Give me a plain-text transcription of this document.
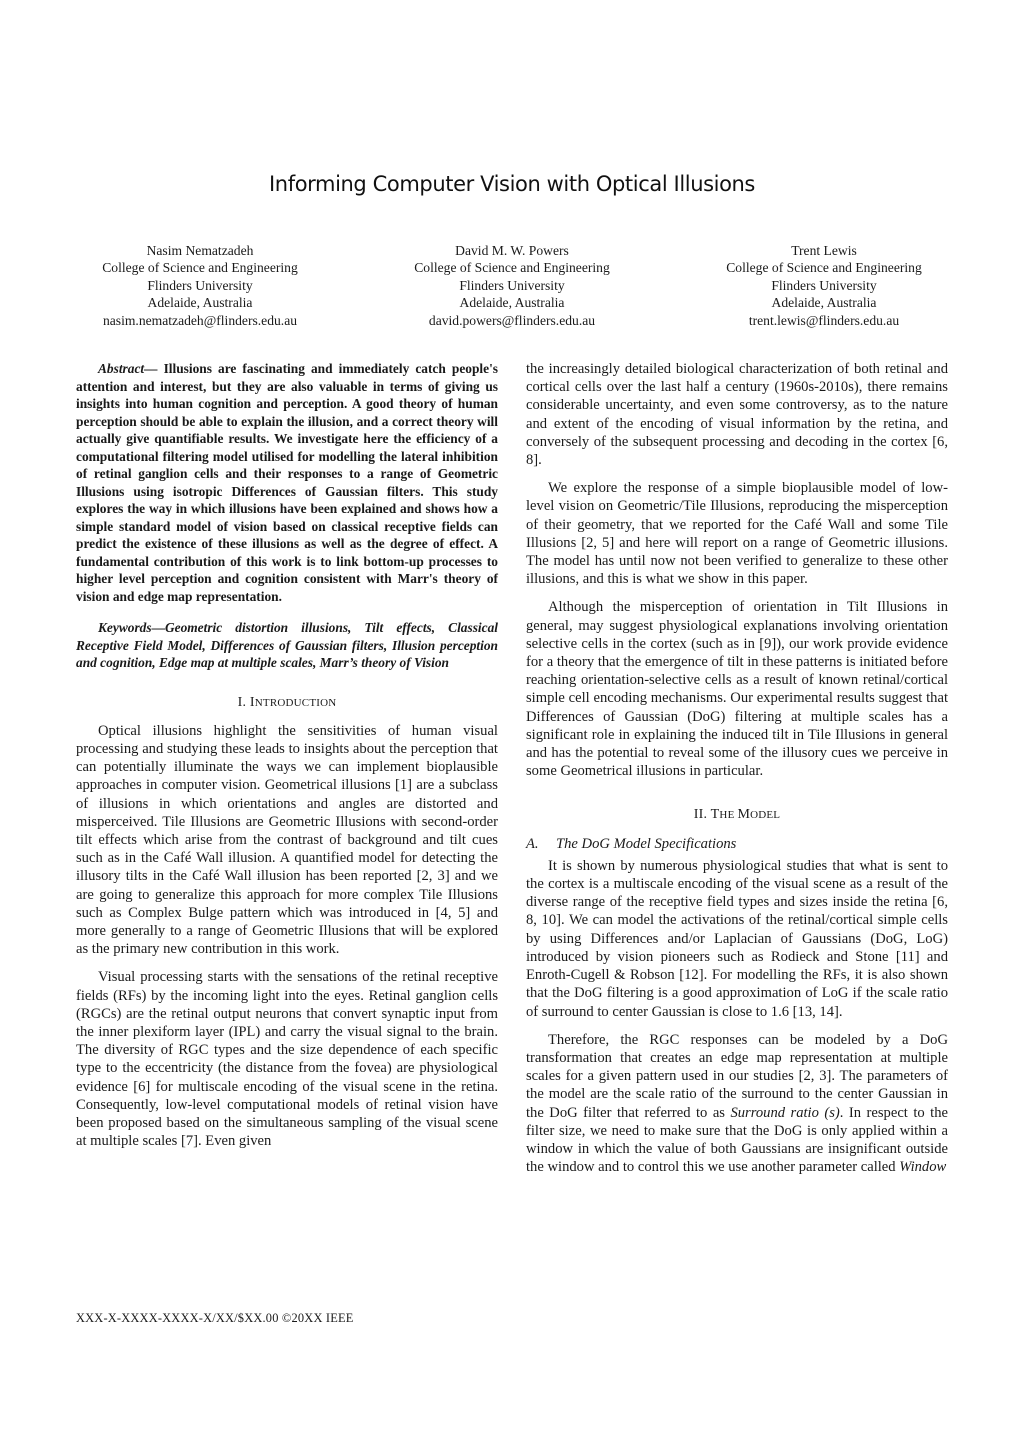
Informing Computer Vision with Optical Illusions
Nasim Nematzadeh
College of Science and Engineering
Flinders University
Adelaide, Australia
nasim.nematzadeh@flinders.edu.au
David M. W. Powers
College of Science and Engineering
Flinders University
Adelaide, Australia
david.powers@flinders.edu.au
Trent Lewis
College of Science and Engineering
Flinders University
Adelaide, Australia
trent.lewis@flinders.edu.au

Abstract— Illusions are fascinating and immediately catch people's attention and interest, but they are also valuable in terms of giving us insights into human cognition and perception. A good theory of human perception should be able to explain the illusion, and a correct theory will actually give quantifiable results. We investigate here the efficiency of a computational filtering model utilised for modelling the lateral inhibition of retinal ganglion cells and their responses to a range of Geometric Illusions using isotropic Differences of Gaussian filters. This study explores the way in which illusions have been explained and shows how a simple standard model of vision based on classical receptive fields can predict the existence of these illusions as well as the degree of effect. A fundamental contribution of this work is to link bottom-up processes to higher level perception and cognition consistent with Marr's theory of vision and edge map representation.

Keywords—Geometric distortion illusions, Tilt effects, Classical Receptive Field Model, Differences of Gaussian filters, Illusion perception and cognition, Edge map at multiple scales, Marr’s theory of Vision

I. INTRODUCTION

Optical illusions highlight the sensitivities of human visual processing and studying these leads to insights about the perception that can potentially illuminate the ways we can implement bioplausible approaches in computer vision. Geometrical illusions [1] are a subclass of illusions in which orientations and angles are distorted and misperceived. Tile Illusions are Geometric Illusions with second-order tilt effects which arise from the contrast of background and tilt cues such as in the Café Wall illusion. A quantified model for detecting the illusory tilts in the Café Wall illusion has been reported [2, 3] and we are going to generalize this approach for more complex Tile Illusions such as Complex Bulge pattern which was introduced in [4, 5] and more generally to a range of Geometric Illusions that will be explored as the primary new contribution in this work.

Visual processing starts with the sensations of the retinal receptive fields (RFs) by the incoming light into the eyes. Retinal ganglion cells (RGCs) are the retinal output neurons that convert synaptic input from the inner plexiform layer (IPL) and carry the visual signal to the brain. The diversity of RGC types and the size dependence of each specific type to the eccentricity (the distance from the fovea) are physiological evidence [6] for multiscale encoding of the visual scene in the retina. Consequently, low-level computational models of retinal vision have been proposed based on the simultaneous sampling of the visual scene at multiple scales [7]. Even given

the increasingly detailed biological characterization of both retinal and cortical cells over the last half a century (1960s-2010s), there remains considerable uncertainty, and even some controversy, as to the nature and extent of the encoding of visual information by the retina, and conversely of the subsequent processing and decoding in the cortex [6, 8].

We explore the response of a simple bioplausible model of low-level vision on Geometric/Tile Illusions, reproducing the misperception of their geometry, that we reported for the Café Wall and some Tile Illusions [2, 5] and here will report on a range of Geometric illusions. The model has until now not been verified to generalize to these other illusions, and this is what we show in this paper.

Although the misperception of orientation in Tilt Illusions in general, may suggest physiological explanations involving orientation selective cells in the cortex (such as in [9]), our work provide evidence for a theory that the emergence of tilt in these patterns is initiated before reaching orientation-selective cells as a result of known retinal/cortical simple cell encoding mechanisms. Our experimental results suggest that Differences of Gaussian (DoG) filtering at multiple scales has a significant role in explaining the induced tilt in Tile Illusions in general and has the potential to reveal some of the illusory cues we perceive in some Geometrical illusions in particular.

II. THE MODEL
A. The DoG Model Specifications

It is shown by numerous physiological studies that what is sent to the cortex is a multiscale encoding of the visual scene as a result of the diverse range of the receptive field types and sizes inside the retina [6, 8, 10]. We can model the activations of the retinal/cortical simple cells by using Differences and/or Laplacian of Gaussians (DoG, LoG) introduced by vision pioneers such as Rodieck and Stone [11] and Enroth-Cugell & Robson [12]. For modelling the RFs, it is also shown that the DoG filtering is a good approximation of LoG if the scale ratio of surround to center Gaussian is close to 1.6 [13, 14].

Therefore, the RGC responses can be modeled by a DoG transformation that creates an edge map representation at multiple scales for a given pattern used in our studies [2, 3]. The parameters of the model are the scale ratio of the surround to the center Gaussian in the DoG filter that referred to as Surround ratio (s). In respect to the filter size, we need to make sure that the DoG is only applied within a window in which the value of both Gaussians are insignificant outside the window and to control this we use another parameter called Window

XXX-X-XXXX-XXXX-X/XX/$XX.00 ©20XX IEEE
